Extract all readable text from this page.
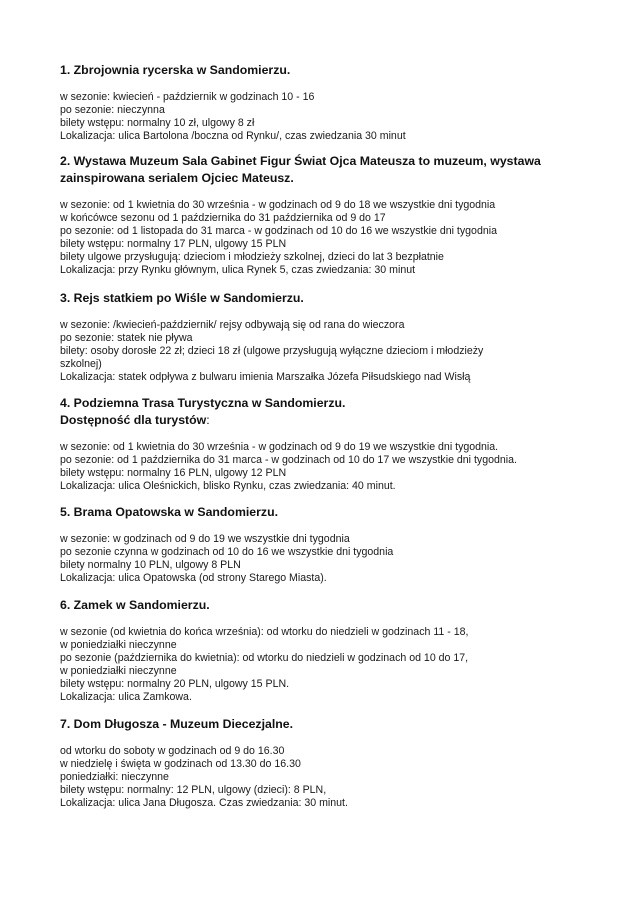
1. Zbrojownia rycerska w Sandomierzu.
w sezonie: kwiecień - październik w godzinach 10 - 16
po sezonie: nieczynna
bilety wstępu: normalny 10 zł, ulgowy 8 zł
Lokalizacja: ulica Bartolona /boczna od Rynku/, czas zwiedzania 30 minut
2. Wystawa Muzeum Sala Gabinet Figur Świat Ojca Mateusza to muzeum, wystawa
zainspirowana serialem Ojciec Mateusz.
w sezonie: od 1 kwietnia do 30 września - w godzinach od 9 do 18 we wszystkie dni tygodnia
w końcówce sezonu od 1 października do 31 października od 9 do 17
po sezonie: od 1 listopada do 31 marca - w godzinach od 10 do 16 we wszystkie dni tygodnia
bilety wstępu: normalny 17 PLN, ulgowy 15 PLN
bilety ulgowe przysługują: dzieciom i młodzieży szkolnej, dzieci do lat 3 bezpłatnie
Lokalizacja: przy Rynku głównym, ulica Rynek 5, czas zwiedzania: 30 minut
3. Rejs statkiem po Wiśle w Sandomierzu.
w sezonie: /kwiecień-październik/ rejsy odbywają się od rana do wieczora
po sezonie: statek nie pływa
bilety: osoby dorosłe 22 zł; dzieci 18 zł (ulgowe przysługują wyłączne dzieciom i młodzieży
szkolnej)
Lokalizacja: statek odpływa z bulwaru imienia Marszałka Józefa Piłsudskiego nad Wisłą
4. Podziemna Trasa Turystyczna w Sandomierzu.
Dostępność dla turystów:
w sezonie: od 1 kwietnia do 30 września - w godzinach od 9 do 19 we wszystkie dni tygodnia.
po sezonie: od 1 października do 31 marca - w godzinach od 10 do 17 we wszystkie dni tygodnia.
bilety wstępu: normalny 16 PLN, ulgowy 12 PLN
Lokalizacja: ulica Oleśnickich, blisko Rynku, czas zwiedzania: 40 minut.
5. Brama Opatowska w Sandomierzu.
w sezonie: w godzinach od 9 do 19 we wszystkie dni tygodnia
po sezonie czynna w godzinach od 10 do 16 we wszystkie dni tygodnia
bilety normalny 10 PLN, ulgowy 8 PLN
Lokalizacja: ulica Opatowska (od strony Starego Miasta).
6. Zamek w Sandomierzu.
w sezonie (od kwietnia do końca września): od wtorku do niedzieli w godzinach 11 - 18,
w poniedziałki nieczynne
po sezonie (października do kwietnia): od wtorku do niedzieli w godzinach od 10 do 17,
w poniedziałki nieczynne
bilety wstępu: normalny 20 PLN, ulgowy 15 PLN.
Lokalizacja: ulica Zamkowa.
7. Dom Długosza - Muzeum Diecezjalne.
od wtorku do soboty w godzinach od 9 do 16.30
w niedzielę i święta w godzinach od 13.30 do 16.30
poniedziałki: nieczynne
bilety wstępu: normalny: 12 PLN, ulgowy (dzieci): 8 PLN,
Lokalizacja: ulica Jana Długosza. Czas zwiedzania: 30 minut.
